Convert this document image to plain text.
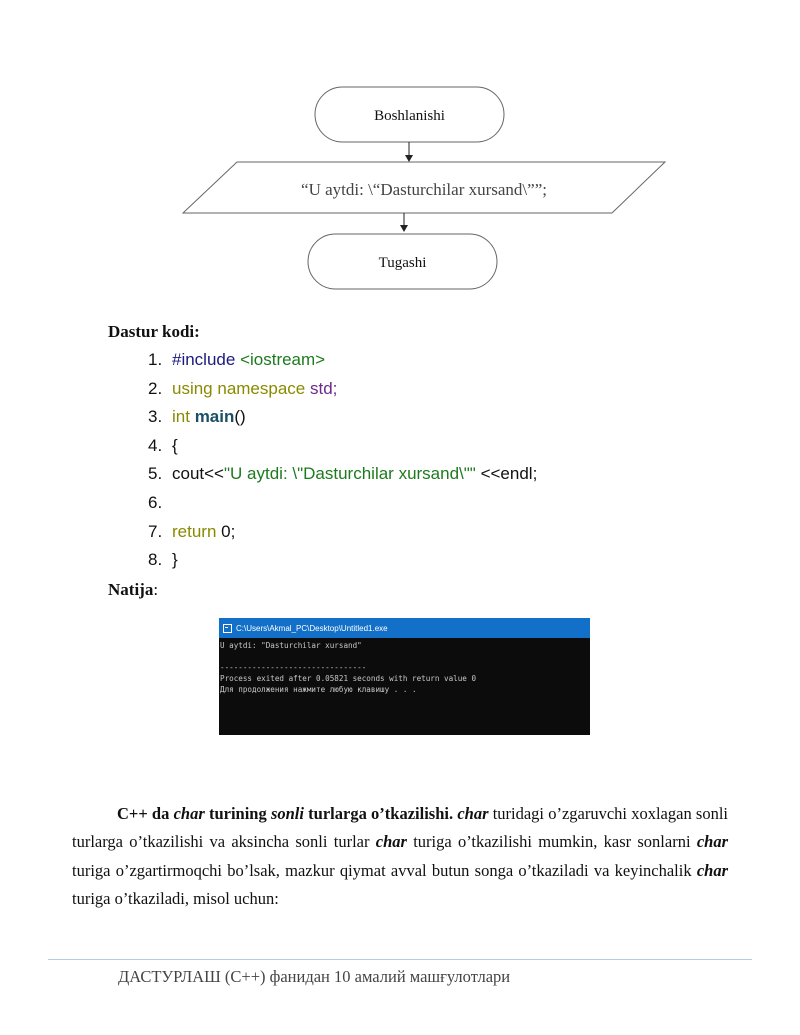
Boshlanishi
“U aytdi: \“Dasturchilar xursand\””;
Tugashi
Dastur kodi:
1. #include <iostream>
2. using namespace std;
3. int main()
4. {
5. cout<<"U aytdi: \"Dasturchilar xursand\"" <<endl;
6.
7. return 0;
8. }
Natija:
C:\Users\Akmal_PC\Desktop\Untitled1.exe
U aytdi: "Dasturchilar xursand"

--------------------------------
Process exited after 0.05821 seconds with return value 0
Для продолжения нажмите любую клавишу . . .

C++ da char turining sonli turlarga o’tkazilishi. char turidagi o’zgaruvchi xoxlagan sonli turlarga o’tkazilishi va aksincha sonli turlar char turiga o’tkazilishi mumkin, kasr sonlarni char turiga o’zgartirmoqchi bo’lsak, mazkur qiymat avval butun songa o’tkaziladi va keyinchalik char turiga o’tkaziladi, misol uchun:

ДАСТУРЛАШ (С++) фанидан 10 амалий машғулотлари
